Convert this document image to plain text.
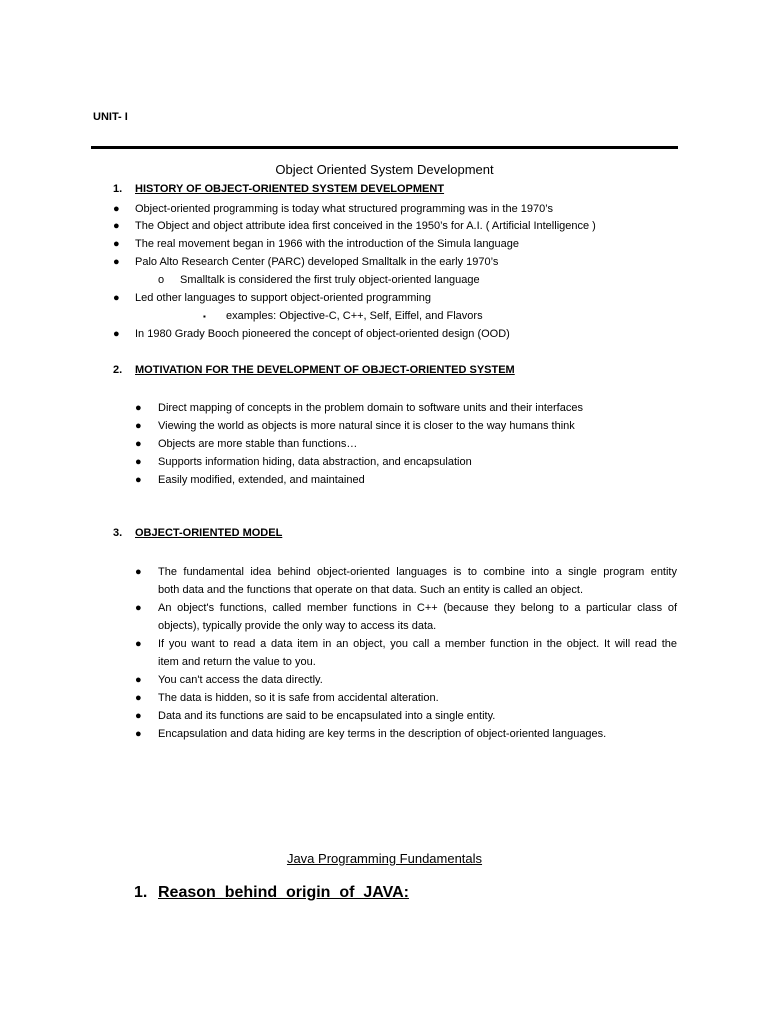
UNIT- I
Object Oriented System Development
1. HISTORY OF OBJECT-ORIENTED SYSTEM DEVELOPMENT
● Object-oriented programming is today what structured programming was in the 1970’s
● The Object and object attribute idea first conceived in the 1950’s for A.I. ( Artificial Intelligence )
● The real movement began in 1966 with the introduction of the Simula language
● Palo Alto Research Center (PARC) developed Smalltalk in the early 1970’s
o Smalltalk is considered the first truly object-oriented language
● Led other languages to support object-oriented programming
▪ examples: Objective-C, C++, Self, Eiffel, and Flavors
● In 1980 Grady Booch pioneered the concept of object-oriented design (OOD)
2. MOTIVATION FOR THE DEVELOPMENT OF OBJECT-ORIENTED SYSTEM
● Direct mapping of concepts in the problem domain to software units and their interfaces
● Viewing the world as objects is more natural since it is closer to the way humans think
● Objects are more stable than functions…
● Supports information hiding, data abstraction, and encapsulation
● Easily modified, extended, and maintained
3. OBJECT-ORIENTED MODEL
● The fundamental idea behind object-oriented languages is to combine into a single program entity
both data and the functions that operate on that data. Such an entity is called an object.
● An object's functions, called member functions in C++ (because they belong to a particular class of
objects), typically provide the only way to access its data.
● If you want to read a data item in an object, you call a member function in the object. It will read the
item and return the value to you.
● You can't access the data directly.
● The data is hidden, so it is safe from accidental alteration.
● Data and its functions are said to be encapsulated into a single entity.
● Encapsulation and data hiding are key terms in the description of object-oriented languages.
Java Programming Fundamentals
1. Reason  behind  origin  of  JAVA:
